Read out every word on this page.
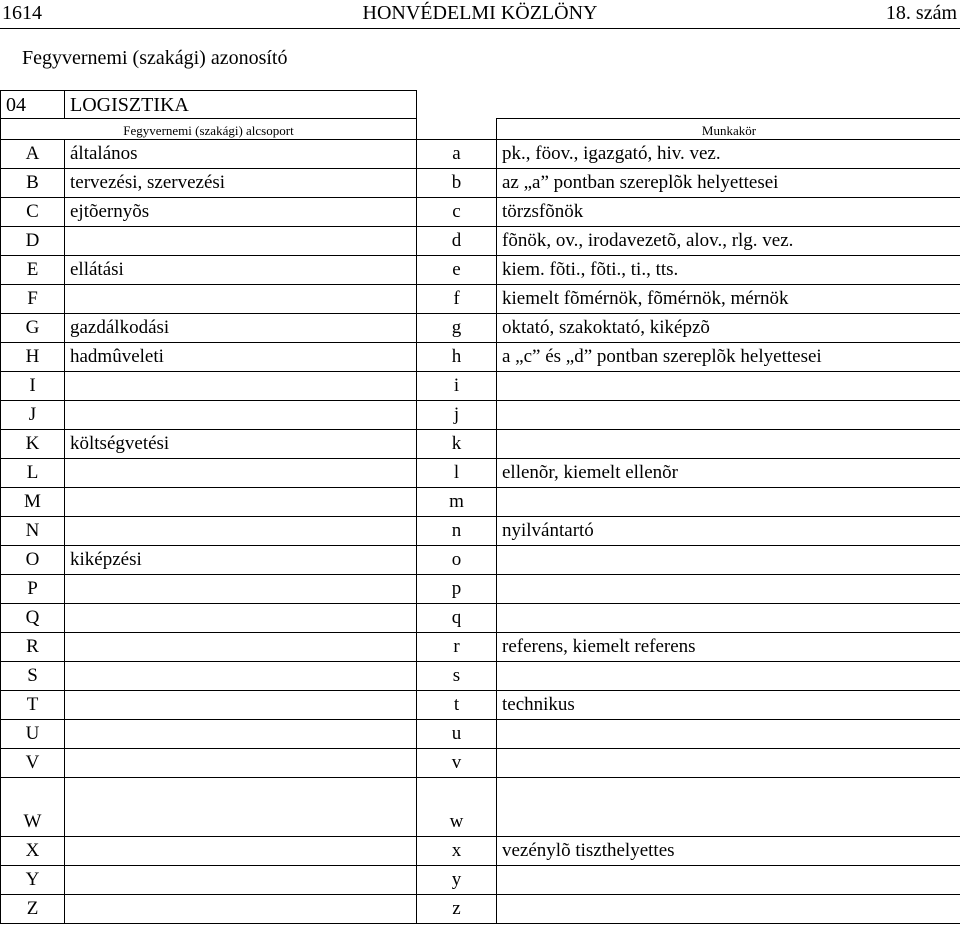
1614	HONVÉDELMI KÖZLÖNY	18. szám
Fegyvernemi (szakági) azonosító
04	LOGISZTIKA		
Fegyvernemi (szakági) alcsoport			Munkakör
A	általános	a	pk., föov., igazgató, hiv. vez.
B	tervezési, szervezési	b	az „a” pontban szereplõk helyettesei
C	ejtõernyõs	c	törzsfõnök
D		d	fõnök, ov., irodavezetõ, alov., rlg. vez.
E	ellátási	e	kiem. fõti., fõti., ti., tts.
F		f	kiemelt fõmérnök, fõmérnök, mérnök
G	gazdálkodási	g	oktató, szakoktató, kiképzõ
H	hadmûveleti	h	a „c” és „d” pontban szereplõk helyettesei
I		i	
J		j	
K	költségvetési	k	
L		l	ellenõr, kiemelt ellenõr
M		m	
N		n	nyilvántartó
O	kiképzési	o	
P		p	
Q		q	
R		r	referens, kiemelt referens
S		s	
T		t	technikus
U		u	
V		v	

W		w	
X		x	vezénylõ tiszthelyettes
Y		y	
Z		z	
